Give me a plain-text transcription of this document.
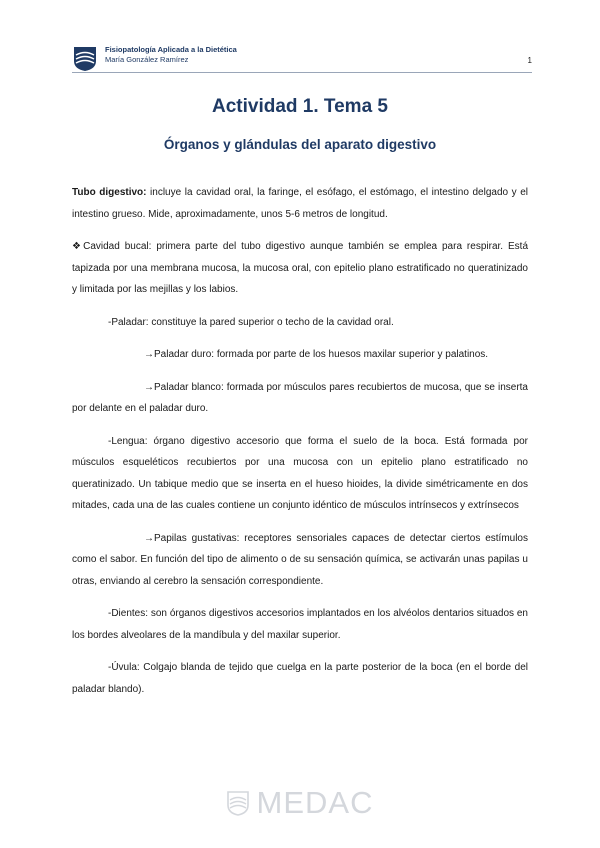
Fisiopatología Aplicada a la Dietética
María González Ramírez	1
Actividad 1. Tema 5
Órganos y glándulas del aparato digestivo

Tubo digestivo: incluye la cavidad oral, la faringe, el esófago, el estómago, el intestino delgado y el intestino grueso. Mide, aproximadamente, unos 5-6 metros de longitud.

❖Cavidad bucal: primera parte del tubo digestivo aunque también se emplea para respirar. Está tapizada por una membrana mucosa, la mucosa oral, con epitelio plano estratificado no queratinizado y limitada por las mejillas y los labios.

-Paladar: constituye la pared superior o techo de la cavidad oral.

→Paladar duro: formada por parte de los huesos maxilar superior y palatinos.

→Paladar blanco: formada por músculos pares recubiertos de mucosa, que se inserta por delante en el paladar duro.

-Lengua: órgano digestivo accesorio que forma el suelo de la boca. Está formada por músculos esqueléticos recubiertos por una mucosa con un epitelio plano estratificado no queratinizado. Un tabique medio que se inserta en el hueso hioides, la divide simétricamente en dos mitades, cada una de las cuales contiene un conjunto idéntico de músculos intrínsecos y extrínsecos

→Papilas gustativas: receptores sensoriales capaces de detectar ciertos estímulos como el sabor. En función del tipo de alimento o de su sensación química, se activarán unas papilas u otras, enviando al cerebro la sensación correspondiente.

-Dientes: son órganos digestivos accesorios implantados en los alvéolos dentarios situados en los bordes alveolares de la mandíbula y del maxilar superior.

-Úvula: Colgajo blanda de tejido que cuelga en la parte posterior de la boca (en el borde del paladar blando).

MEDAC
